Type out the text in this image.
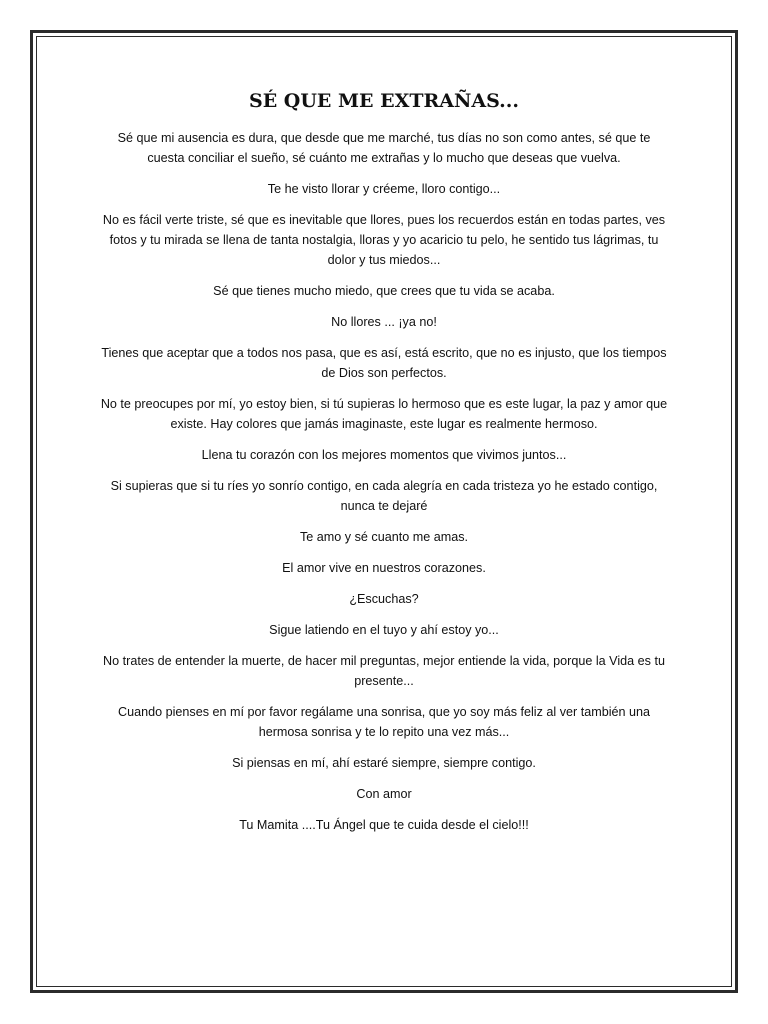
SÉ QUE ME EXTRAÑAS...

Sé que mi ausencia es dura, que desde que me marché, tus días no son como antes, sé que te cuesta conciliar el sueño, sé cuánto me extrañas y lo mucho que deseas que vuelva.

Te he visto llorar y créeme, lloro contigo...

No es fácil verte triste, sé que es inevitable que llores, pues los recuerdos están en todas partes, ves fotos y tu mirada se llena de tanta nostalgia, lloras y yo acaricio tu pelo, he sentido tus lágrimas, tu dolor y tus miedos...

Sé que tienes mucho miedo, que crees que tu vida se acaba.

No llores ... ¡ya no!

Tienes que aceptar que a todos nos pasa, que es así, está escrito, que no es injusto, que los tiempos de Dios son perfectos.

No te preocupes por mí, yo estoy bien, si tú supieras lo hermoso que es este lugar, la paz y amor que existe. Hay colores que jamás imaginaste, este lugar es realmente hermoso.

Llena tu corazón con los mejores momentos que vivimos juntos...

Si supieras que si tu ríes yo sonrío contigo, en cada alegría en cada tristeza yo he estado contigo, nunca te dejaré

Te amo y sé cuanto me amas.

El amor vive en nuestros corazones.

¿Escuchas?

Sigue latiendo en el tuyo y ahí estoy yo...

No trates de entender la muerte, de hacer mil preguntas, mejor entiende la vida, porque la Vida es tu presente...

Cuando pienses en mí por favor regálame una sonrisa, que yo soy más feliz al ver también una hermosa sonrisa y te lo repito una vez más...

Si piensas en mí, ahí estaré siempre, siempre contigo.

Con amor

Tu Mamita ....Tu Ángel que te cuida desde el cielo!!!
